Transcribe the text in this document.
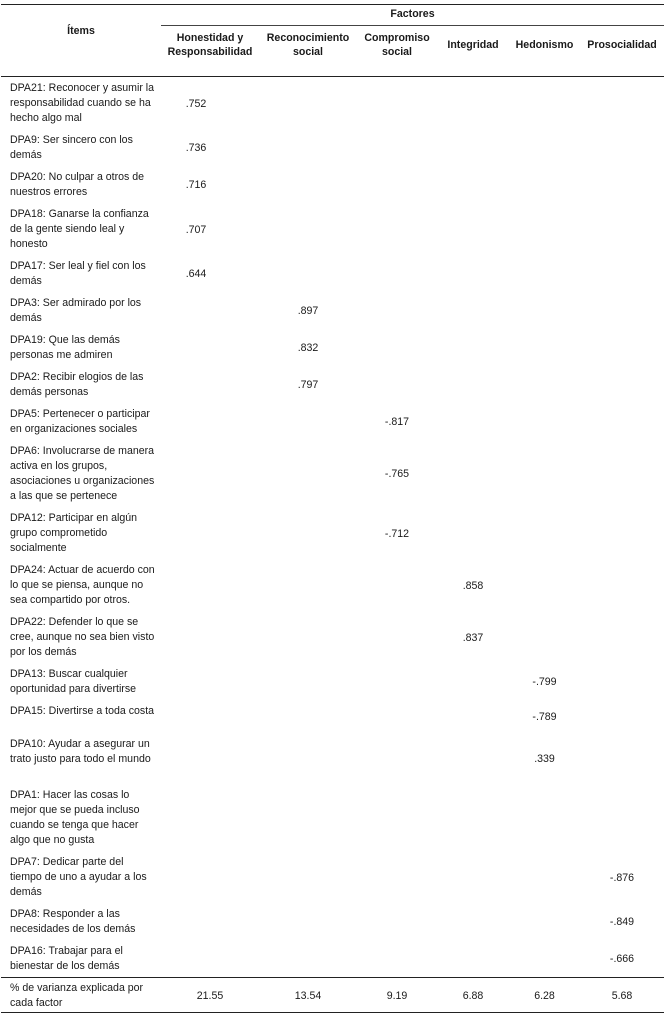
Ítems	Factores					
	Honestidad y Responsabilidad	Reconocimiento social	Compromiso social	Integridad	Hedonismo	Prosocialidad
DPA21: Reconocer y asumir la responsabilidad cuando se ha hecho algo mal	.752					
DPA9: Ser sincero con los demás	.736					
DPA20: No culpar a otros de nuestros errores	.716					
DPA18: Ganarse la confianza de la gente siendo leal y honesto	.707					
DPA17: Ser leal y fiel con los demás	.644					
DPA3: Ser admirado por los demás		.897				
DPA19: Que las demás personas me admiren		.832				
DPA2: Recibir elogios de las demás personas		.797				
DPA5: Pertenecer o participar en organizaciones sociales			-.817			
DPA6: Involucrarse de manera activa en los grupos, asociaciones u organizaciones a las que se pertenece			-.765			
DPA12: Participar en algún grupo comprometido socialmente			-.712			
DPA24: Actuar de acuerdo con lo que se piensa, aunque no sea compartido por otros.				.858		
DPA22: Defender lo que se cree, aunque no sea bien visto por los demás				.837		
DPA13: Buscar cualquier oportunidad para divertirse					-.799	
DPA15: Divertirse a toda costa					-.789	
DPA10: Ayudar a asegurar un trato justo para todo el mundo					.339	
DPA1: Hacer las cosas lo mejor que se pueda incluso cuando se tenga que hacer algo que no gusta						
DPA7: Dedicar parte del tiempo de uno a ayudar a los demás						-.876
DPA8: Responder a las necesidades de los demás						-.849
DPA16: Trabajar para el bienestar de los demás						-.666
% de varianza explicada por cada factor	21.55	13.54	9.19	6.88	6.28	5.68
